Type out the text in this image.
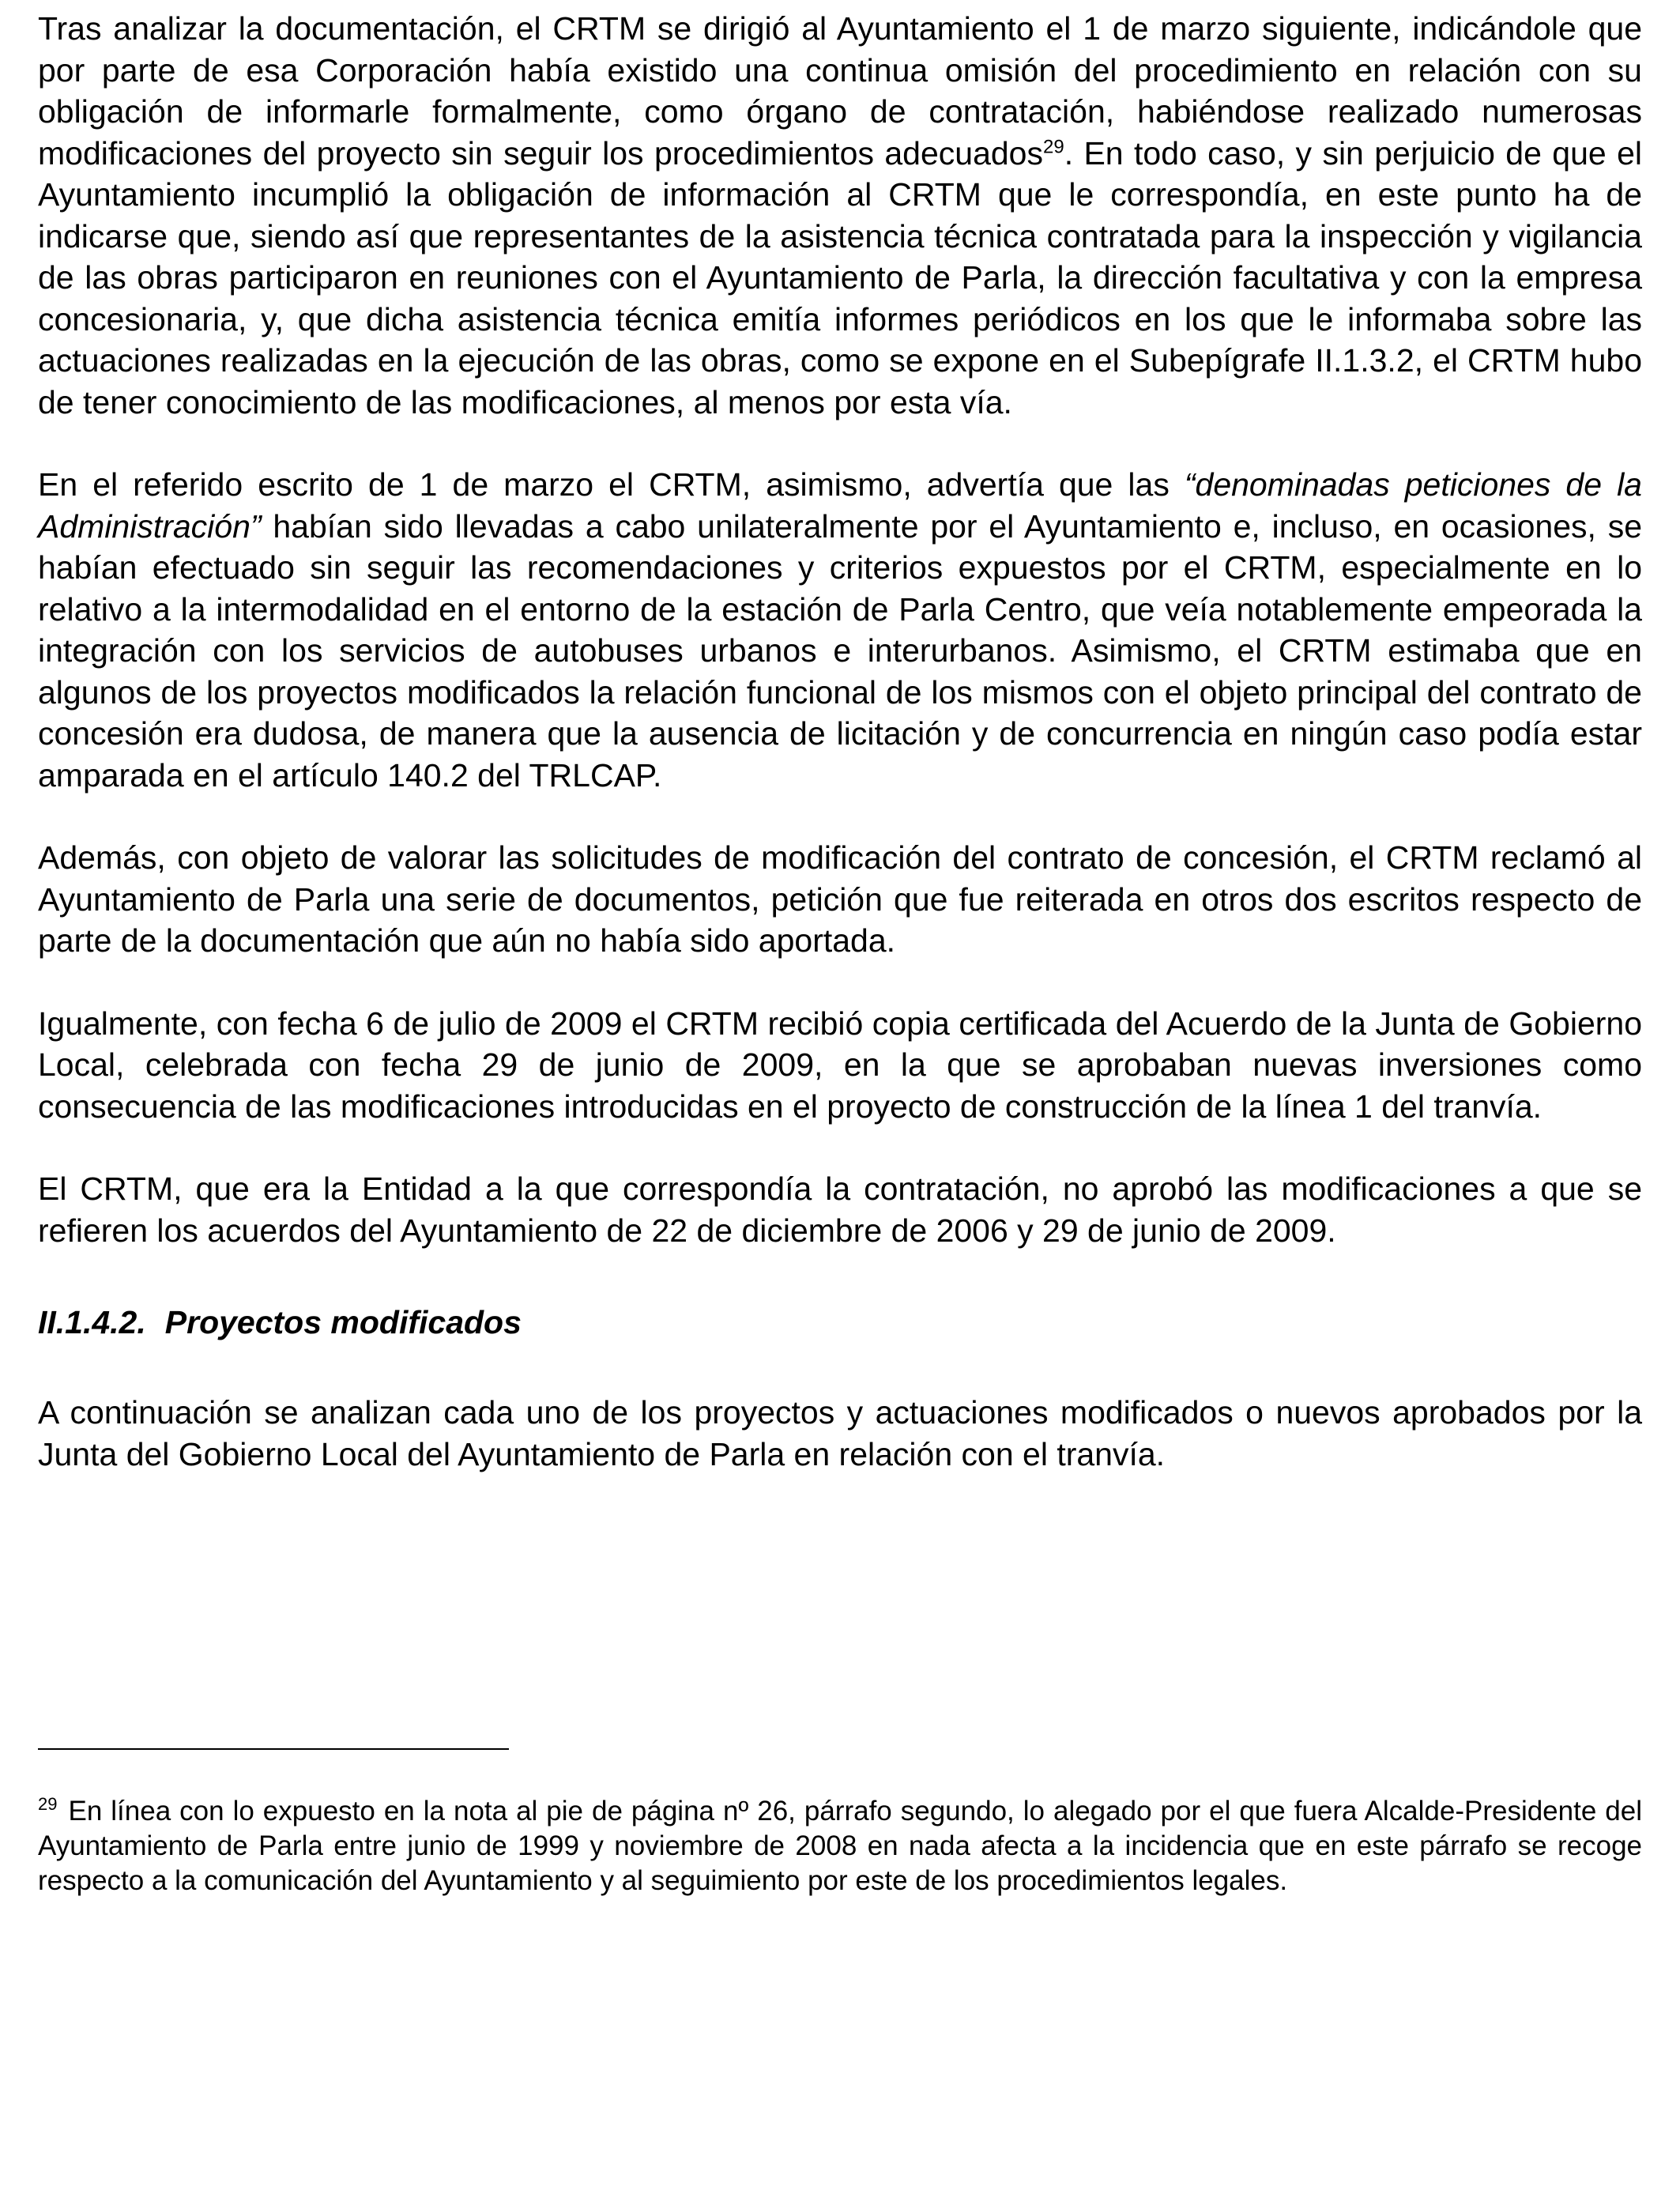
Tras analizar la documentación, el CRTM se dirigió al Ayuntamiento el 1 de marzo siguiente, indicándole que por parte de esa Corporación había existido una continua omisión del procedimiento en relación con su obligación de informarle formalmente, como órgano de contratación, habiéndose realizado numerosas modificaciones del proyecto sin seguir los procedimientos adecuados$^{29}$. En todo caso, y sin perjuicio de que el Ayuntamiento incumplió la obligación de información al CRTM que le correspondía, en este punto ha de indicarse que, siendo así que representantes de la asistencia técnica contratada para la inspección y vigilancia de las obras participaron en reuniones con el Ayuntamiento de Parla, la dirección facultativa y con la empresa concesionaria, y, que dicha asistencia técnica emitía informes periódicos en los que le informaba sobre las actuaciones realizadas en la ejecución de las obras, como se expone en el Subepígrafe II.1.3.2, el CRTM hubo de tener conocimiento de las modificaciones, al menos por esta vía.

En el referido escrito de 1 de marzo el CRTM, asimismo, advertía que las “denominadas peticiones de la Administración” habían sido llevadas a cabo unilateralmente por el Ayuntamiento e, incluso, en ocasiones, se habían efectuado sin seguir las recomendaciones y criterios expuestos por el CRTM, especialmente en lo relativo a la intermodalidad en el entorno de la estación de Parla Centro, que veía notablemente empeorada la integración con los servicios de autobuses urbanos e interurbanos. Asimismo, el CRTM estimaba que en algunos de los proyectos modificados la relación funcional de los mismos con el objeto principal del contrato de concesión era dudosa, de manera que la ausencia de licitación y de concurrencia en ningún caso podía estar amparada en el artículo 140.2 del TRLCAP.

Además, con objeto de valorar las solicitudes de modificación del contrato de concesión, el CRTM reclamó al Ayuntamiento de Parla una serie de documentos, petición que fue reiterada en otros dos escritos respecto de parte de la documentación que aún no había sido aportada.

Igualmente, con fecha 6 de julio de 2009 el CRTM recibió copia certificada del Acuerdo de la Junta de Gobierno Local, celebrada con fecha 29 de junio de 2009, en la que se aprobaban nuevas inversiones como consecuencia de las modificaciones introducidas en el proyecto de construcción de la línea 1 del tranvía.

El CRTM, que era la Entidad a la que correspondía la contratación, no aprobó las modificaciones a que se refieren los acuerdos del Ayuntamiento de 22 de diciembre de 2006 y 29 de junio de 2009.

II.1.4.2. Proyectos modificados

A continuación se analizan cada uno de los proyectos y actuaciones modificados o nuevos aprobados por la Junta del Gobierno Local del Ayuntamiento de Parla en relación con el tranvía.

$^{29}$ En línea con lo expuesto en la nota al pie de página nº 26, párrafo segundo, lo alegado por el que fuera Alcalde-Presidente del Ayuntamiento de Parla entre junio de 1999 y noviembre de 2008 en nada afecta a la incidencia que en este párrafo se recoge respecto a la comunicación del Ayuntamiento y al seguimiento por este de los procedimientos legales.
